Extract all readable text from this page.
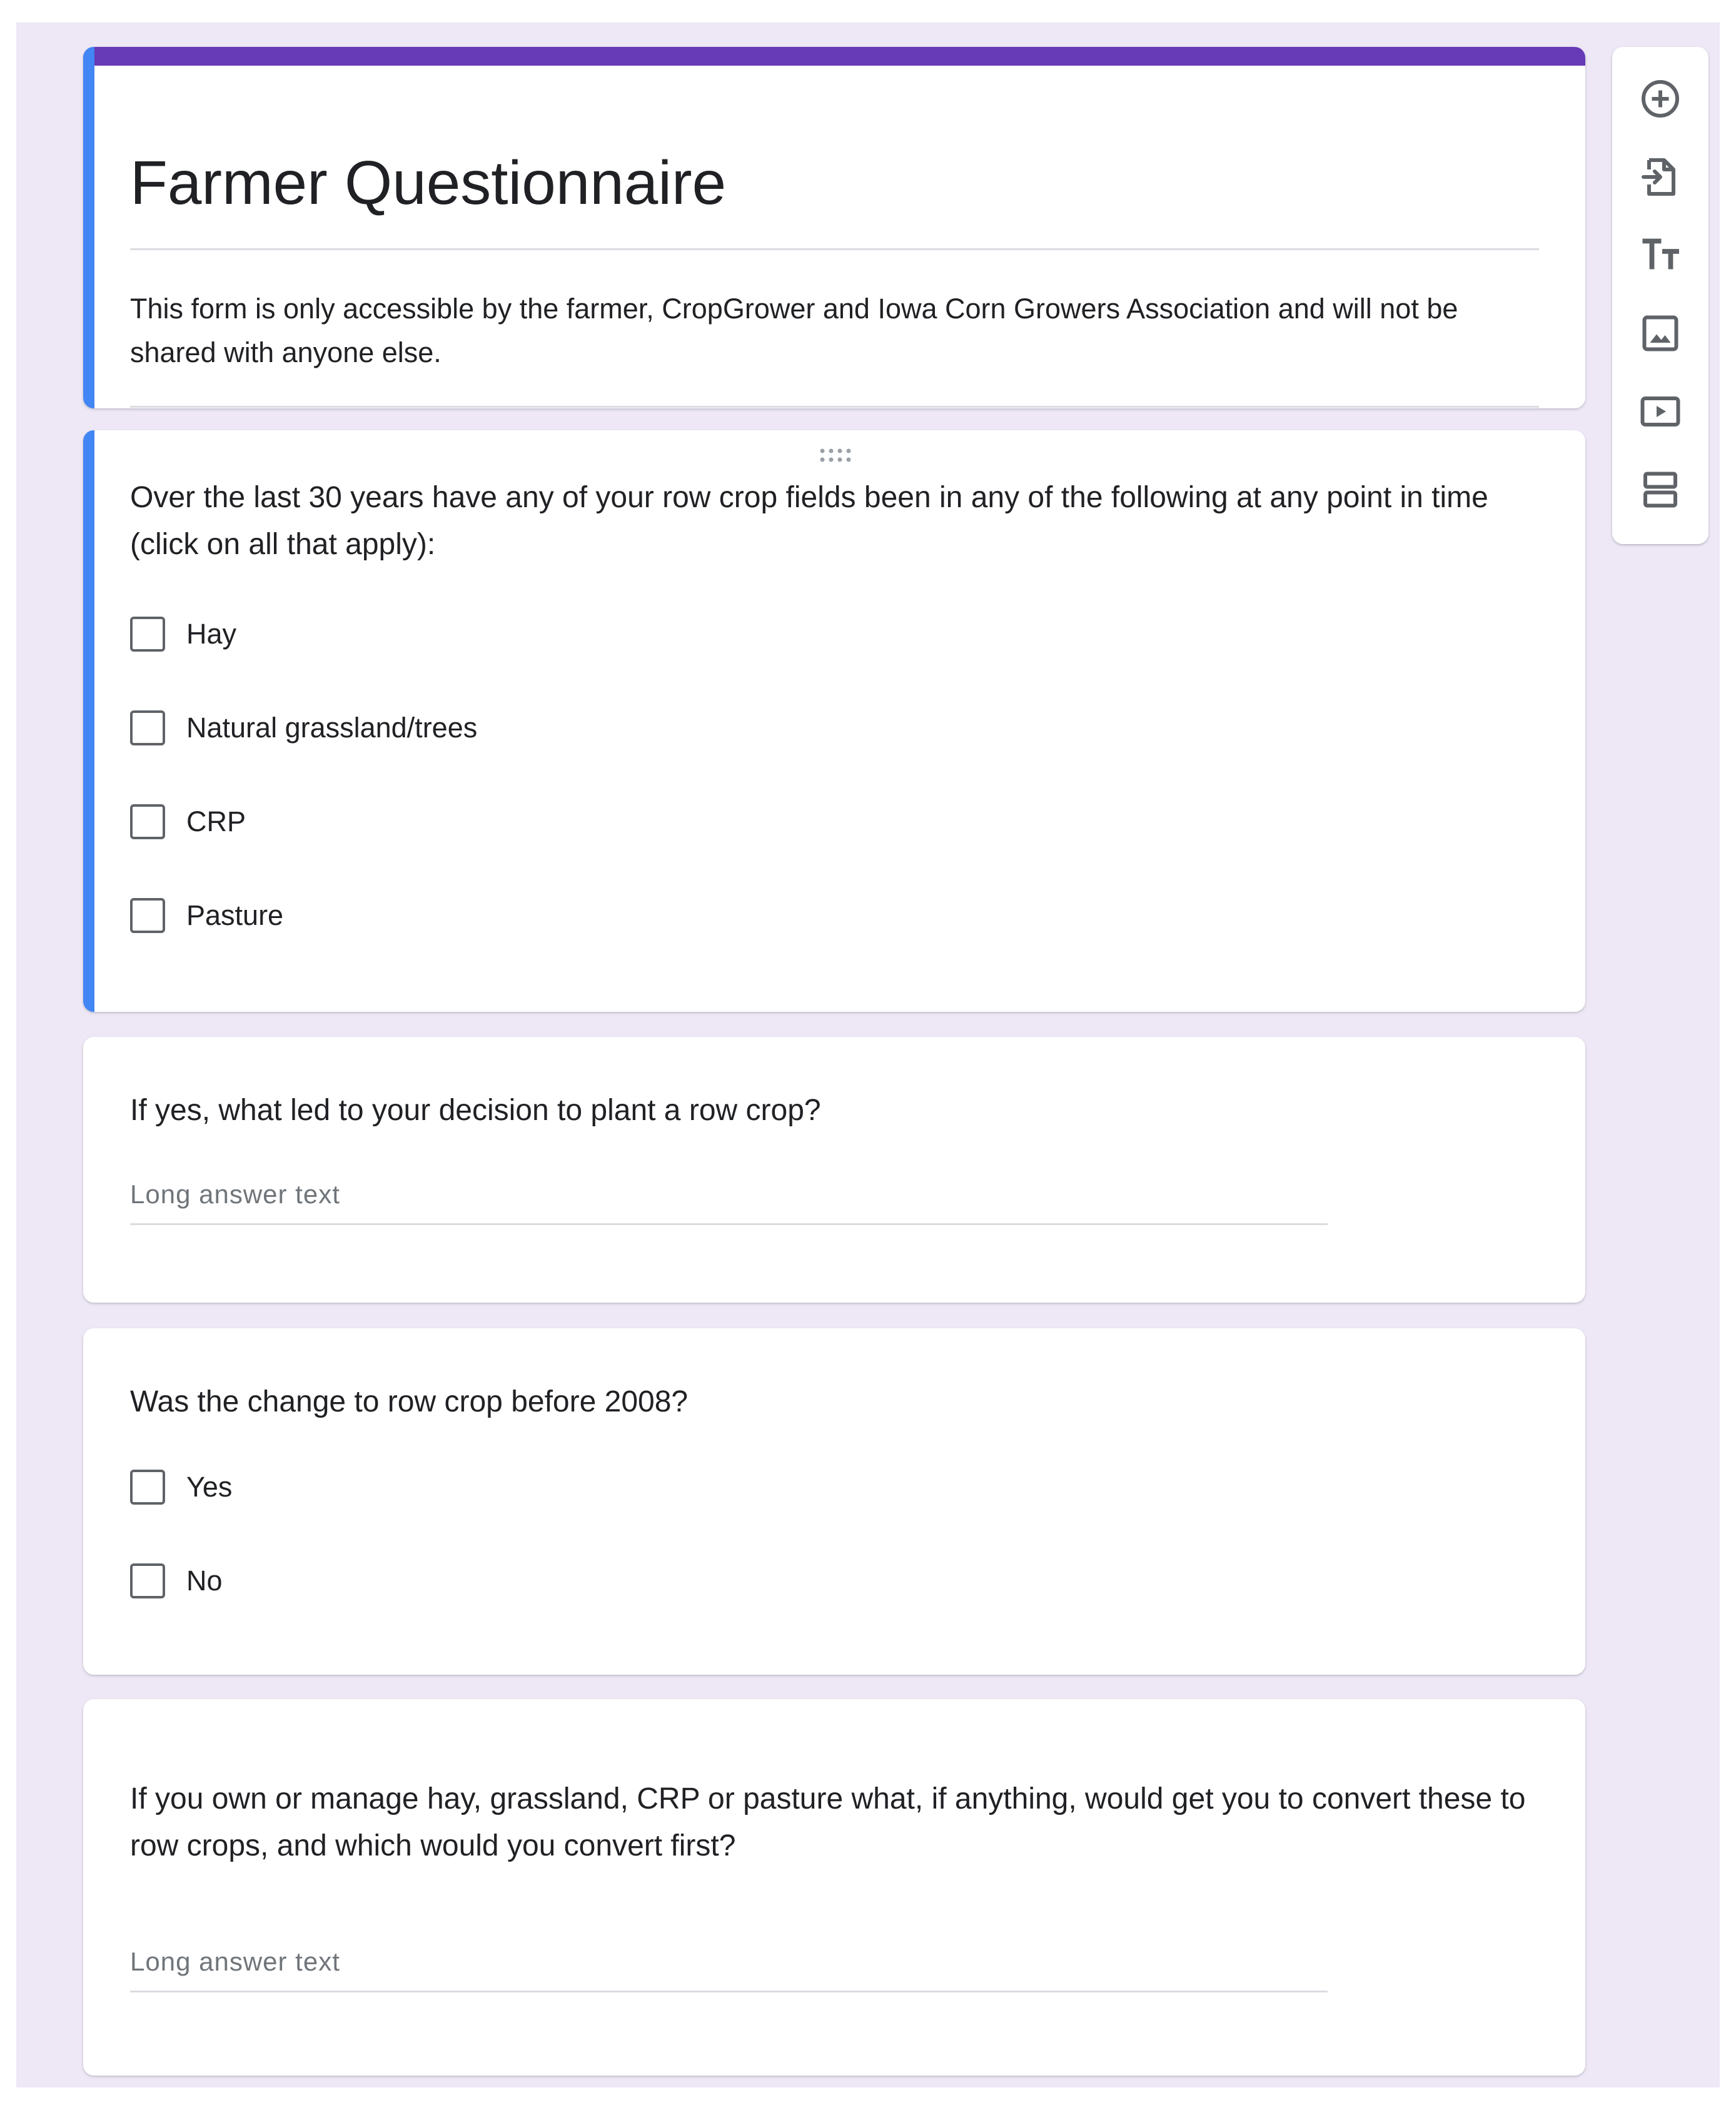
Farmer Questionnaire
This form is only accessible by the farmer, CropGrower and Iowa Corn Growers Association and will not be shared with anyone else.
Over the last 30 years have any of your row crop fields been in any of the following at any point in time (click on all that apply):
Hay
Natural grassland/trees
CRP
Pasture
If yes, what led to your decision to plant a row crop?
Long answer text
Was the change to row crop before 2008?
Yes
No
If you own or manage hay, grassland, CRP or pasture what, if anything, would get you to convert these to row crops, and which would you convert first?
Long answer text
